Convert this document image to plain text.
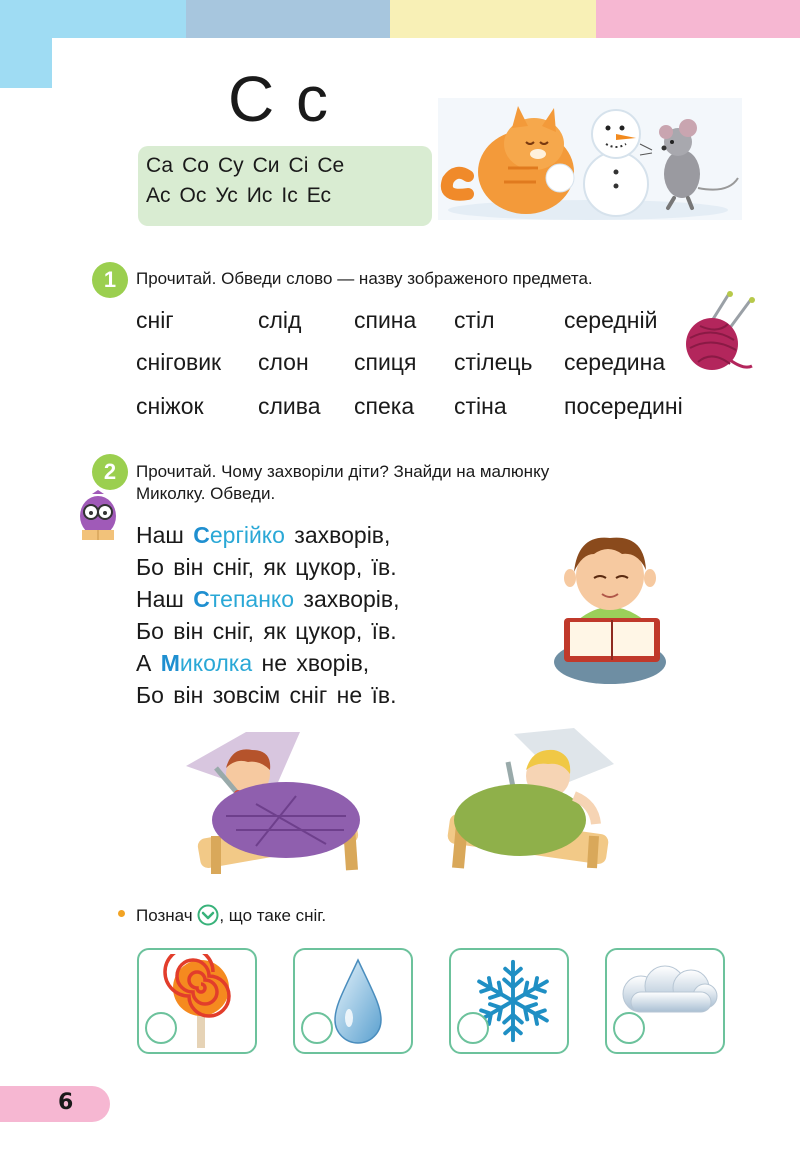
С с
Са Со Су Си Сі Се
Ас Ос Ус Ис Іс Ес
1	Прочитай. Обведи слово — назву зображеного предмета.
сніг
сніговик
сніжок
слід
слон
слива
спина
спиця
спека
стіл
стілець
стіна
середній
середина
посередині
2	Прочитай. Чому захворіли діти? Знайди на малюнку
Миколку. Обведи.
Наш Сергійко захворів,
Бо він сніг, як цукор, їв.
Наш Степанко захворів,
Бо він сніг, як цукор, їв.
А Миколка не хворів,
Бо він зовсім сніг не їв.
Познач , що таке сніг.
6
